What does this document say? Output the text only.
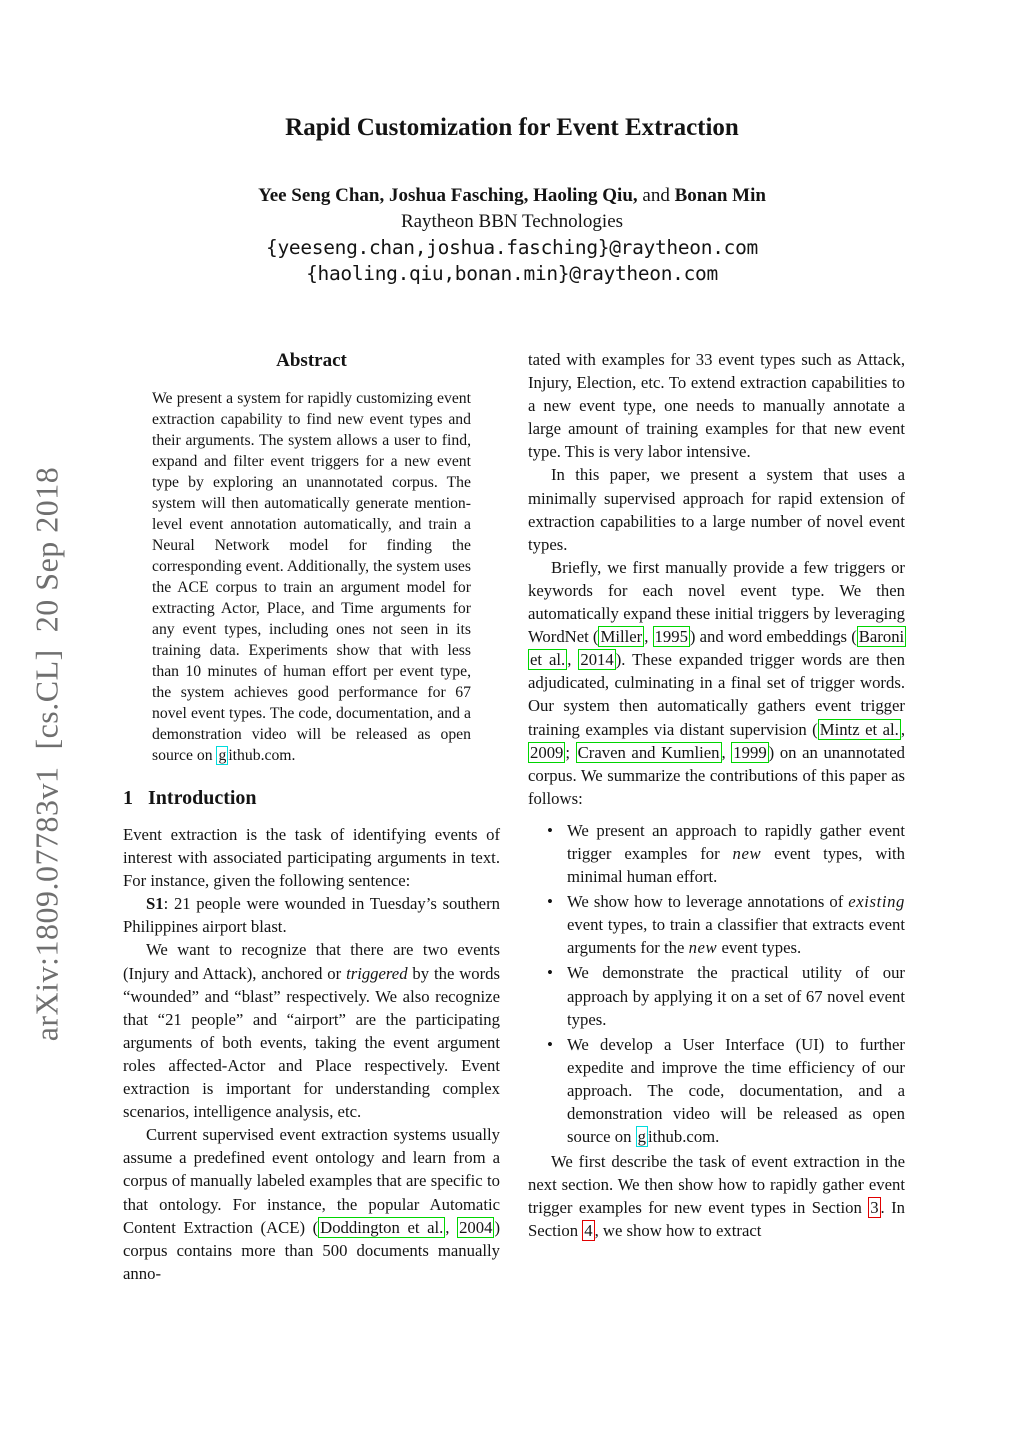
arXiv:1809.07783v1  [cs.CL]  20 Sep 2018
Rapid Customization for Event Extraction
Yee Seng Chan, Joshua Fasching, Haoling Qiu, and Bonan Min
Raytheon BBN Technologies
{yeeseng.chan,joshua.fasching}@raytheon.com
{haoling.qiu,bonan.min}@raytheon.com
Abstract
We present a system for rapidly customizing event extraction capability to find new event types and their arguments. The system allows a user to find, expand and filter event triggers for a new event type by exploring an unannotated corpus. The system will then automatically generate mention-level event annotation automatically, and train a Neural Network model for finding the corresponding event. Additionally, the system uses the ACE corpus to train an argument model for extracting Actor, Place, and Time arguments for any event types, including ones not seen in its training data. Experiments show that with less than 10 minutes of human effort per event type, the system achieves good performance for 67 novel event types. The code, documentation, and a demonstration video will be released as open source on g ithub.com.
1 Introduction

Event extraction is the task of identifying events of interest with associated participating arguments in text. For instance, given the following sentence:

S1: 21 people were wounded in Tuesday’s southern Philippines airport blast.

We want to recognize that there are two events (Injury and Attack), anchored or triggered by the words “wounded” and “blast” respectively. We also recognize that “21 people” and “airport” are the participating arguments of both events, taking the event argument roles affected-Actor and Place respectively. Event extraction is important for understanding complex scenarios, intelligence analysis, etc.

Current supervised event extraction systems usually assume a predefined event ontology and learn from a corpus of manually labeled examples that are specific to that ontology. For instance, the popular Automatic Content Extraction (ACE) ( Doddington et al. , 2004 ) corpus contains more than 500 documents manually anno-

tated with examples for 33 event types such as Attack, Injury, Election, etc. To extend extraction capabilities to a new event type, one needs to manually annotate a large amount of training examples for that new event type. This is very labor intensive.

In this paper, we present a system that uses a minimally supervised approach for rapid extension of extraction capabilities to a large number of novel event types.

Briefly, we first manually provide a few triggers or keywords for each novel event type. We then automatically expand these initial triggers by leveraging WordNet ( Miller , 1995 ) and word embeddings ( Baroni et al. , 2014 ). These expanded trigger words are then adjudicated, culminating in a final set of trigger words. Our system then automatically gathers event trigger training examples via distant supervision ( Mintz et al. , 2009 ; Craven and Kumlien , 1999 ) on an unannotated corpus. We summarize the contributions of this paper as follows:

• We present an approach to rapidly gather event trigger examples for new event types, with minimal human effort.
• We show how to leverage annotations of existing event types, to train a classifier that extracts event arguments for the new event types.
• We demonstrate the practical utility of our approach by applying it on a set of 67 novel event types.
• We develop a User Interface (UI) to further expedite and improve the time efficiency of our approach. The code, documentation, and a demonstration video will be released as open source on g ithub.com.

We first describe the task of event extraction in the next section. We then show how to rapidly gather event trigger examples for new event types in Section 3 . In Section 4 , we show how to extract
